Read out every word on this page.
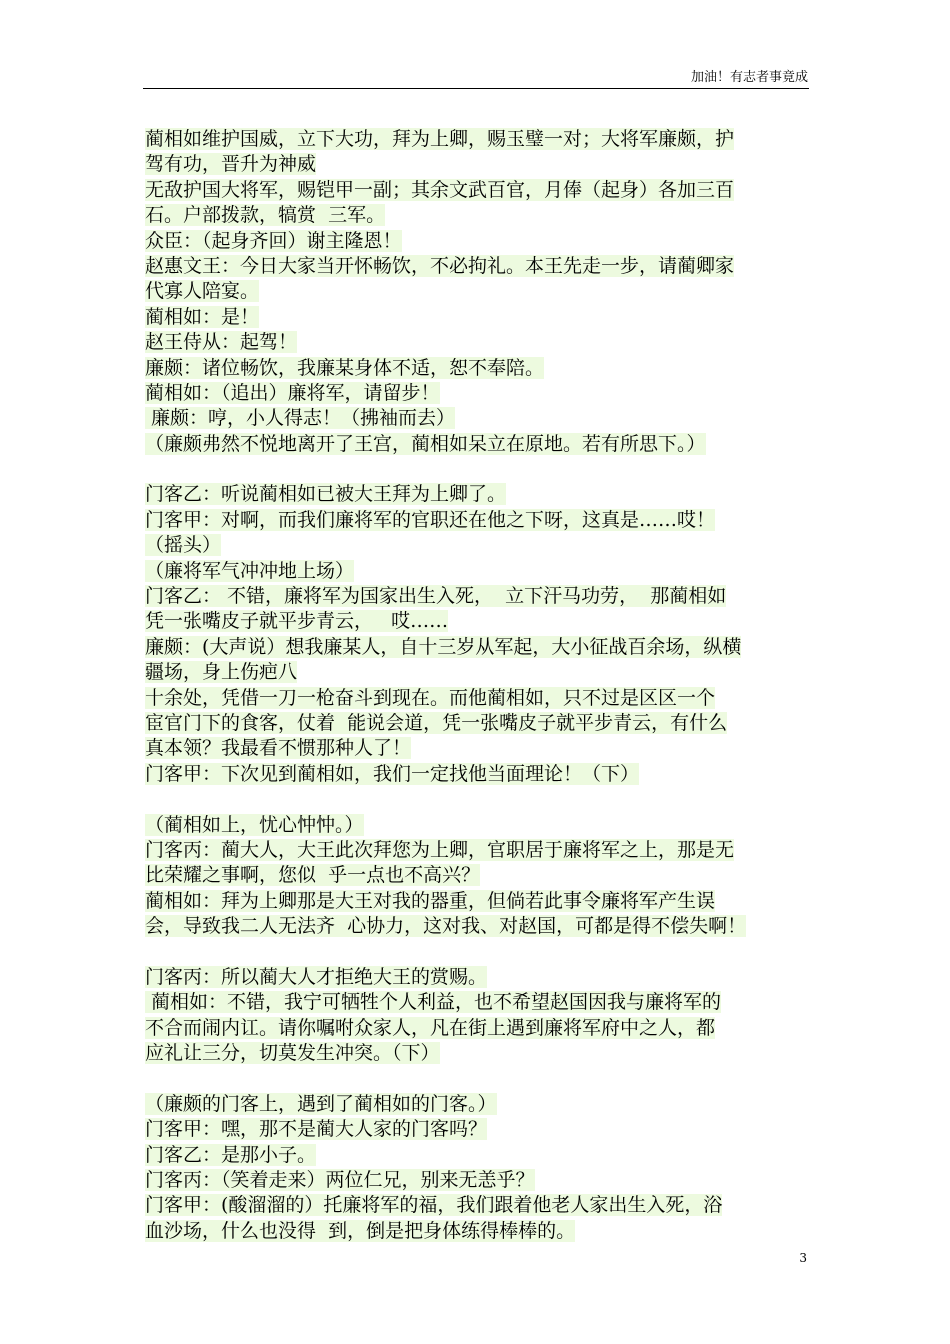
加油！有志者事竟成
蔺相如维护国威，立下大功，拜为上卿，赐玉璧一对；大将军廉颇，护
驾有功，晋升为神威
无敌护国大将军，赐铠甲一副；其余文武百官，月俸（起身）各加三百
石。户部拨款，犒赏  三军。
众臣：（起身齐回）谢主隆恩！
赵惠文王：今日大家当开怀畅饮，不必拘礼。本王先走一步，请蔺卿家
代寡人陪宴。
蔺相如：是！
赵王侍从：起驾！
廉颇：诸位畅饮，我廉某身体不适，恕不奉陪。
蔺相如：（追出）廉将军，请留步！
廉颇：哼，小人得志！（拂袖而去）
（廉颇弗然不悦地离开了王宫，蔺相如呆立在原地。若有所思下。）
门客乙：听说蔺相如已被大王拜为上卿了。
门客甲：对啊，而我们廉将军的官职还在他之下呀，这真是……哎！
（摇头）
（廉将军气冲冲地上场）
门客乙： 不错，廉将军为国家出生入死，  立下汗马功劳，  那蔺相如
凭一张嘴皮子就平步青云，   哎……
廉颇：(大声说）想我廉某人，自十三岁从军起，大小征战百余场，纵横
疆场，身上伤疤八
十余处，凭借一刀一枪奋斗到现在。而他蔺相如，只不过是区区一个
宦官门下的食客，仗着  能说会道，凭一张嘴皮子就平步青云，有什么
真本领？我最看不惯那种人了！
门客甲：下次见到蔺相如，我们一定找他当面理论！（下）
（蔺相如上，忧心忡忡。）
门客丙：蔺大人，大王此次拜您为上卿，官职居于廉将军之上，那是无
比荣耀之事啊，您似  乎一点也不高兴？
蔺相如：拜为上卿那是大王对我的器重，但倘若此事令廉将军产生误
会，导致我二人无法齐  心协力，这对我、对赵国，可都是得不偿失啊！
门客丙：所以蔺大人才拒绝大王的赏赐。
蔺相如：不错，我宁可牺牲个人利益，也不希望赵国因我与廉将军的
不合而闹内讧。请你嘱咐众家人，凡在街上遇到廉将军府中之人，都
应礼让三分，切莫发生冲突。（下）
（廉颇的门客上，遇到了蔺相如的门客。）
门客甲：嘿，那不是蔺大人家的门客吗？
门客乙：是那小子。
门客丙：（笑着走来）两位仁兄，别来无恙乎？
门客甲：(酸溜溜的）托廉将军的福，我们跟着他老人家出生入死，浴
血沙场，什么也没得  到，倒是把身体练得棒棒的。
3
